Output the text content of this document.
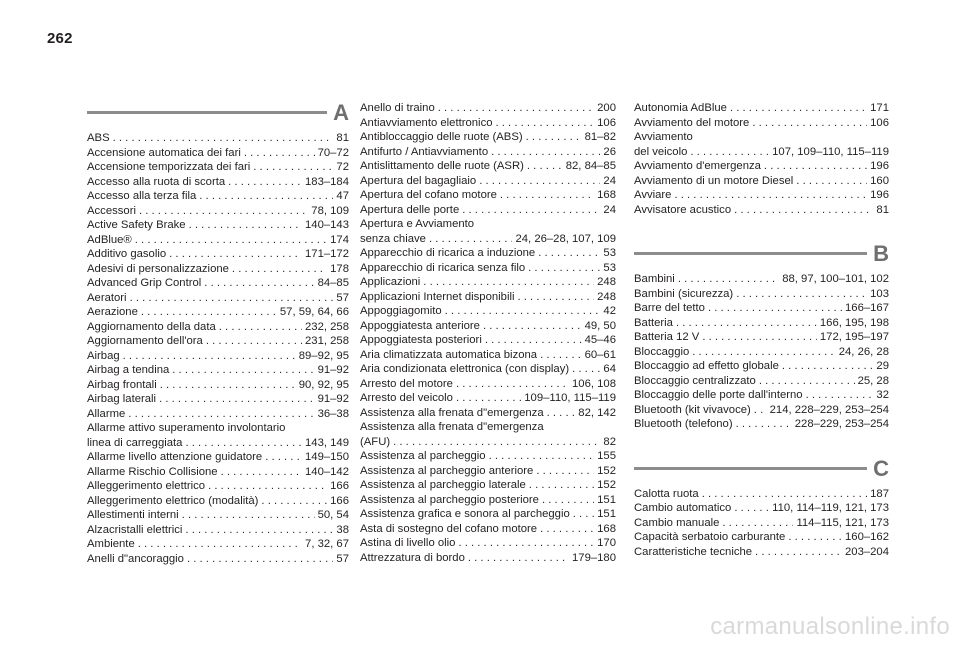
262
A
ABS . . .	81
Accensione automatica dei fari . . .	70–72
Accensione temporizzata dei fari . . .	72
Accesso alla ruota di scorta . . .	183–184
Accesso alla terza fila . . .	47
Accessori . . .	78, 109
Active Safety Brake . . .	140–143
AdBlue® . . .	174
Additivo gasolio . . .	171–172
Adesivi di personalizzazione . . .	178
Advanced Grip Control . . .	84–85
Aeratori . . .	57
Aerazione . . .	57, 59, 64, 66
Aggiornamento della data . . .	232, 258
Aggiornamento dell'ora . . .	231, 258
Airbag . . .	89–92, 95
Airbag a tendina . . .	91–92
Airbag frontali . . .	90, 92, 95
Airbag laterali . . .	91–92
Allarme . . .	36–38
Allarme attivo superamento involontario
linea di carreggiata . . .	143, 149
Allarme livello attenzione guidatore . . .	149–150
Allarme Rischio Collisione . . .	140–142
Alleggerimento elettrico . . .	166
Alleggerimento elettrico (modalità) . . .	166
Allestimenti interni . . .	50, 54
Alzacristalli elettrici . . .	38
Ambiente . . .	7, 32, 67
Anelli d"ancoraggio . . .	57
Anello di traino . . .	200
Antiavviamento elettronico . . .	106
Antibloccaggio delle ruote (ABS) . . .	81–82
Antifurto / Antiavviamento . . .	26
Antislittamento delle ruote (ASR) . . .	82, 84–85
Apertura del bagagliaio . . .	24
Apertura del cofano motore . . .	168
Apertura delle porte . . .	24
Apertura e Avviamento
senza chiave . . .	24, 26–28, 107, 109
Apparecchio di ricarica a induzione . . .	53
Apparecchio di ricarica senza filo . . .	53
Applicazioni . . .	248
Applicazioni Internet disponibili . . .	248
Appoggiagomito . . .	42
Appoggiatesta anteriore . . .	49, 50
Appoggiatesta posteriori . . .	45–46
Aria climatizzata automatica bizona . . .	60–61
Aria condizionata elettronica (con display) . . .	64
Arresto del motore . . .	106, 108
Arresto del veicolo . . .	109–110, 115–119
Assistenza alla frenata d"emergenza . . .	82, 142
Assistenza alla frenata d"emergenza
(AFU) . . .	82
Assistenza al parcheggio . . .	155
Assistenza al parcheggio anteriore . . .	152
Assistenza al parcheggio laterale . . .	152
Assistenza al parcheggio posteriore . . .	151
Assistenza grafica e sonora al parcheggio . . . 151
Asta di sostegno del cofano motore . . .	168
Astina di livello olio . . .	170
Attrezzatura di bordo . . .	179–180
Autonomia AdBlue . . .	171
Avviamento del motore . . .	106
Avviamento
del veicolo . . .	107, 109–110, 115–119
Avviamento d'emergenza . . .	196
Avviamento di un motore Diesel . . .	160
Avviare . . .	196
Avvisatore acustico . . .	81
B
Bambini . . .	88, 97, 100–101, 102
Bambini (sicurezza) . . .	103
Barre del tetto . . .	166–167
Batteria . . .	166, 195, 198
Batteria 12 V . . .	172, 195–197
Bloccaggio . . .	24, 26, 28
Bloccaggio ad effetto globale . . .	29
Bloccaggio centralizzato . . .	25, 28
Bloccaggio delle porte dall'interno . . .	32
Bluetooth (kit vivavoce) . . . 214, 228–229, 253–254
Bluetooth (telefono) . . .	228–229, 253–254
C
Calotta ruota . . .	187
Cambio automatico . . .	110, 114–119, 121, 173
Cambio manuale . . .	114–115, 121, 173
Capacità serbatoio carburante . . .	160–162
Caratteristiche tecniche . . .	203–204
carmanualsonline.info
